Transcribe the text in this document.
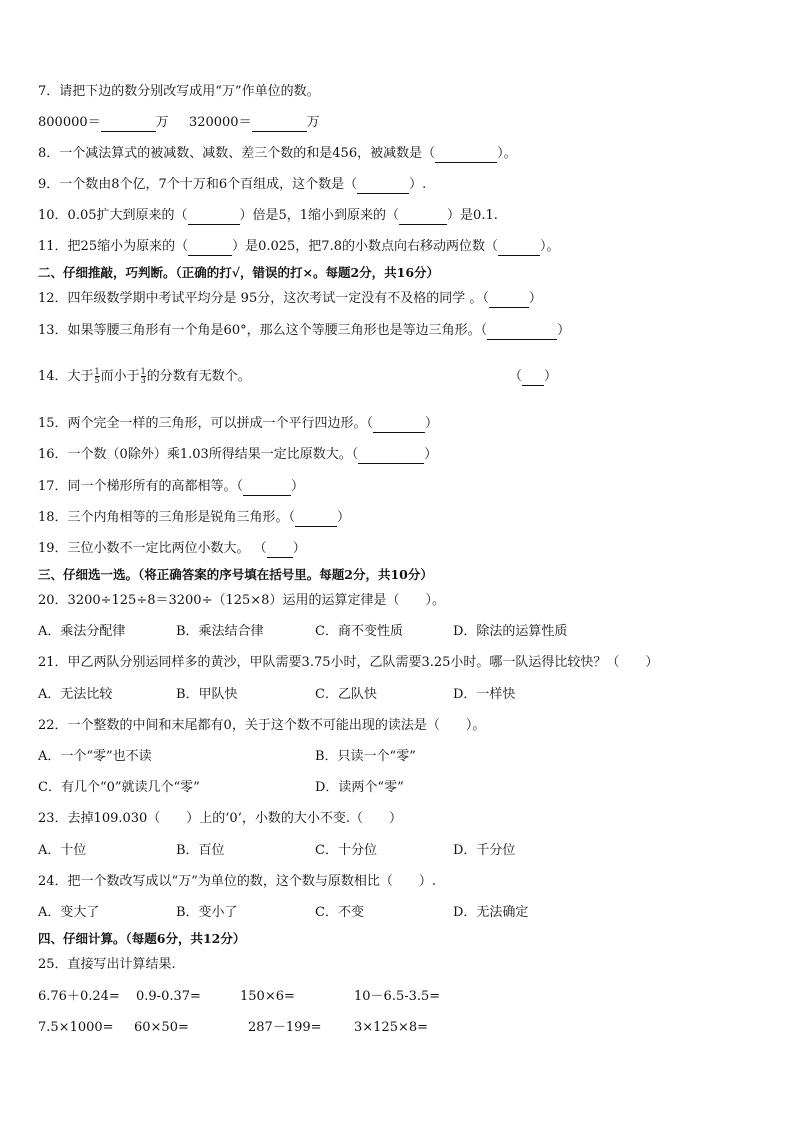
7．请把下边的数分别改写成用“万”作单位的数。
800000＝	万 320000＝	万
8．一个减法算式的被减数、减数、差三个数的和是456，被减数是（	）。
9．一个数由8个亿，7个十万和6个百组成，这个数是（	）.
10．0.05扩大到原来的（	）倍是5，1缩小到原来的（	）是0.1.
11．把25缩小为原来的（	）是0.025，把7.8的小数点向右移动两位数（	）。
二、仔细推敲，巧判断。（正确的打√，错误的打×。每题2分，共16分）
12．四年级数学期中考试平均分是 95分，这次考试一定没有不及格的同学 。（	）
13．如果等腰三角形有一个角是60°，那么这个等腰三角形也是等边三角形。（	）
14．大于 $\frac{1}{5}$ 而小于 $\frac{1}{3}$ 的分数有无数个。	（ ）
15．两个完全一样的三角形，可以拼成一个平行四边形。（	）
16．一个数（0除外）乘1.03所得结果一定比原数大。（	）
17．同一个梯形所有的高都相等。（	）
18．三个内角相等的三角形是锐角三角形。（	）
19．三位小数不一定比两位小数大。 （ ）
三、仔细选一选。（将正确答案的序号填在括号里。每题2分，共10分）
20．3200÷125÷8＝3200÷（125×8）运用的运算定律是（　　）。
A．乘法分配律	B．乘法结合律	C．商不变性质	D．除法的运算性质
21．甲乙两队分别运同样多的黄沙，甲队需要3.75小时，乙队需要3.25小时。哪一队运得比较快？（　　）
A．无法比较	B．甲队快	C．乙队快	D．一样快
22．一个整数的中间和末尾都有0，关于这个数不可能出现的读法是（　　）。
A．一个“零”也不读	B．只读一个“零”
C．有几个“0”就读几个“零”	D．读两个“零”
23．去掉109.030（　　）上的‘0’，小数的大小不变.（　　）
A．十位	B．百位	C．十分位	D．千分位
24．把一个数改写成以“万”为单位的数，这个数与原数相比（　　）.
A．变大了	B．变小了	C．不变	D．无法确定
四、仔细计算。（每题6分，共12分）
25．直接写出计算结果.
6.76＋0.24= 0.9-0.37=	150×6=	10－6.5-3.5=
7.5×1000= 60×50=	287－199= 3×125×8=
